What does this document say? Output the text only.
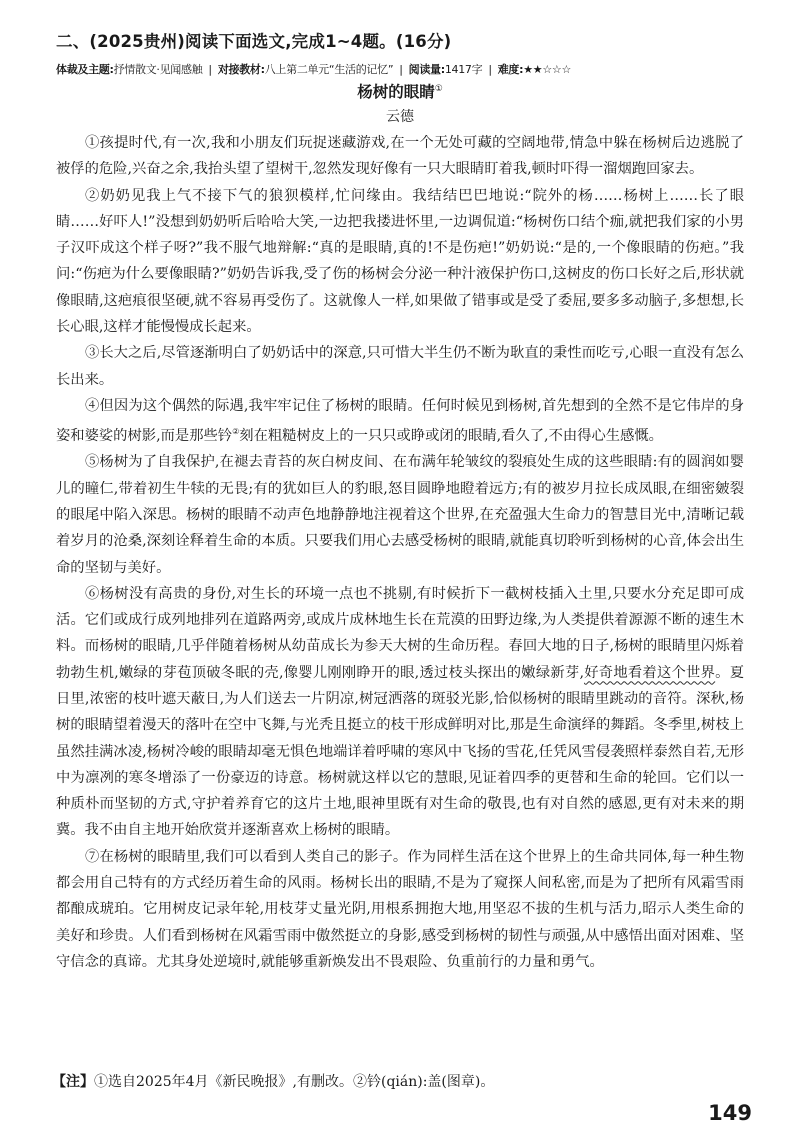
二、(2025贵州)阅读下面选文,完成1~4题。(16分)
体裁及主题:抒情散文·见闻感触 | 对接教材:八上第二单元“生活的记忆” | 阅读量:1417字 | 难度:★★☆☆☆
杨树的眼睛①
云德

①孩提时代,有一次,我和小朋友们玩捉迷藏游戏,在一个无处可藏的空阔地带,情急中躲在杨树后边逃脱了被俘的危险,兴奋之余,我抬头望了望树干,忽然发现好像有一只大眼睛盯着我,顿时吓得一溜烟跑回家去。

②奶奶见我上气不接下气的狼狈模样,忙问缘由。我结结巴巴地说:“院外的杨……杨树上……长了眼睛……好吓人!”没想到奶奶听后哈哈大笑,一边把我搂进怀里,一边调侃道:“杨树伤口结个痂,就把我们家的小男子汉吓成这个样子呀?”我不服气地辩解:“真的是眼睛,真的!不是伤疤!”奶奶说:“是的,一个像眼睛的伤疤。”我问:“伤疤为什么要像眼睛?”奶奶告诉我,受了伤的杨树会分泌一种汁液保护伤口,这树皮的伤口长好之后,形状就像眼睛,这疤痕很坚硬,就不容易再受伤了。这就像人一样,如果做了错事或是受了委屈,要多多动脑子,多想想,长长心眼,这样才能慢慢成长起来。

③长大之后,尽管逐渐明白了奶奶话中的深意,只可惜大半生仍不断为耿直的秉性而吃亏,心眼一直没有怎么长出来。

④但因为这个偶然的际遇,我牢牢记住了杨树的眼睛。任何时候见到杨树,首先想到的全然不是它伟岸的身姿和婆娑的树影,而是那些钤②刻在粗糙树皮上的一只只或睁或闭的眼睛,看久了,不由得心生感慨。

⑤杨树为了自我保护,在褪去青苔的灰白树皮间、在布满年轮皱纹的裂痕处生成的这些眼睛:有的圆润如婴儿的瞳仁,带着初生牛犊的无畏;有的犹如巨人的豹眼,怒目圆睁地瞪着远方;有的被岁月拉长成凤眼,在细密皴裂的眼尾中陷入深思。杨树的眼睛不动声色地静静地注视着这个世界,在充盈强大生命力的智慧目光中,清晰记载着岁月的沧桑,深刻诠释着生命的本质。只要我们用心去感受杨树的眼睛,就能真切聆听到杨树的心音,体会出生命的坚韧与美好。

⑥杨树没有高贵的身份,对生长的环境一点也不挑剔,有时候折下一截树枝插入土里,只要水分充足即可成活。它们或成行成列地排列在道路两旁,或成片成林地生长在荒漠的田野边缘,为人类提供着源源不断的速生木料。而杨树的眼睛,几乎伴随着杨树从幼苗成长为参天大树的生命历程。春回大地的日子,杨树的眼睛里闪烁着勃勃生机,嫩绿的芽苞顶破冬眠的壳,像婴儿刚刚睁开的眼,透过枝头探出的嫩绿新芽,好奇地看着这个世界。夏日里,浓密的枝叶遮天蔽日,为人们送去一片阴凉,树冠洒落的斑驳光影,恰似杨树的眼睛里跳动的音符。深秋,杨树的眼睛望着漫天的落叶在空中飞舞,与光秃且挺立的枝干形成鲜明对比,那是生命演绎的舞蹈。冬季里,树枝上虽然挂满冰凌,杨树冷峻的眼睛却毫无惧色地端详着呼啸的寒风中飞扬的雪花,任凭风雪侵袭照样泰然自若,无形中为凛冽的寒冬增添了一份豪迈的诗意。杨树就这样以它的慧眼,见证着四季的更替和生命的轮回。它们以一种质朴而坚韧的方式,守护着养育它的这片土地,眼神里既有对生命的敬畏,也有对自然的感恩,更有对未来的期冀。我不由自主地开始欣赏并逐渐喜欢上杨树的眼睛。

⑦在杨树的眼睛里,我们可以看到人类自己的影子。作为同样生活在这个世界上的生命共同体,每一种生物都会用自己特有的方式经历着生命的风雨。杨树长出的眼睛,不是为了窥探人间私密,而是为了把所有风霜雪雨都酿成琥珀。它用树皮记录年轮,用枝芽丈量光阴,用根系拥抱大地,用坚忍不拔的生机与活力,昭示人类生命的美好和珍贵。人们看到杨树在风霜雪雨中傲然挺立的身影,感受到杨树的韧性与顽强,从中感悟出面对困难、坚守信念的真谛。尤其身处逆境时,就能够重新焕发出不畏艰险、负重前行的力量和勇气。

【注】①选自2025年4月《新民晚报》,有删改。②钤(qián):盖(图章)。
149
